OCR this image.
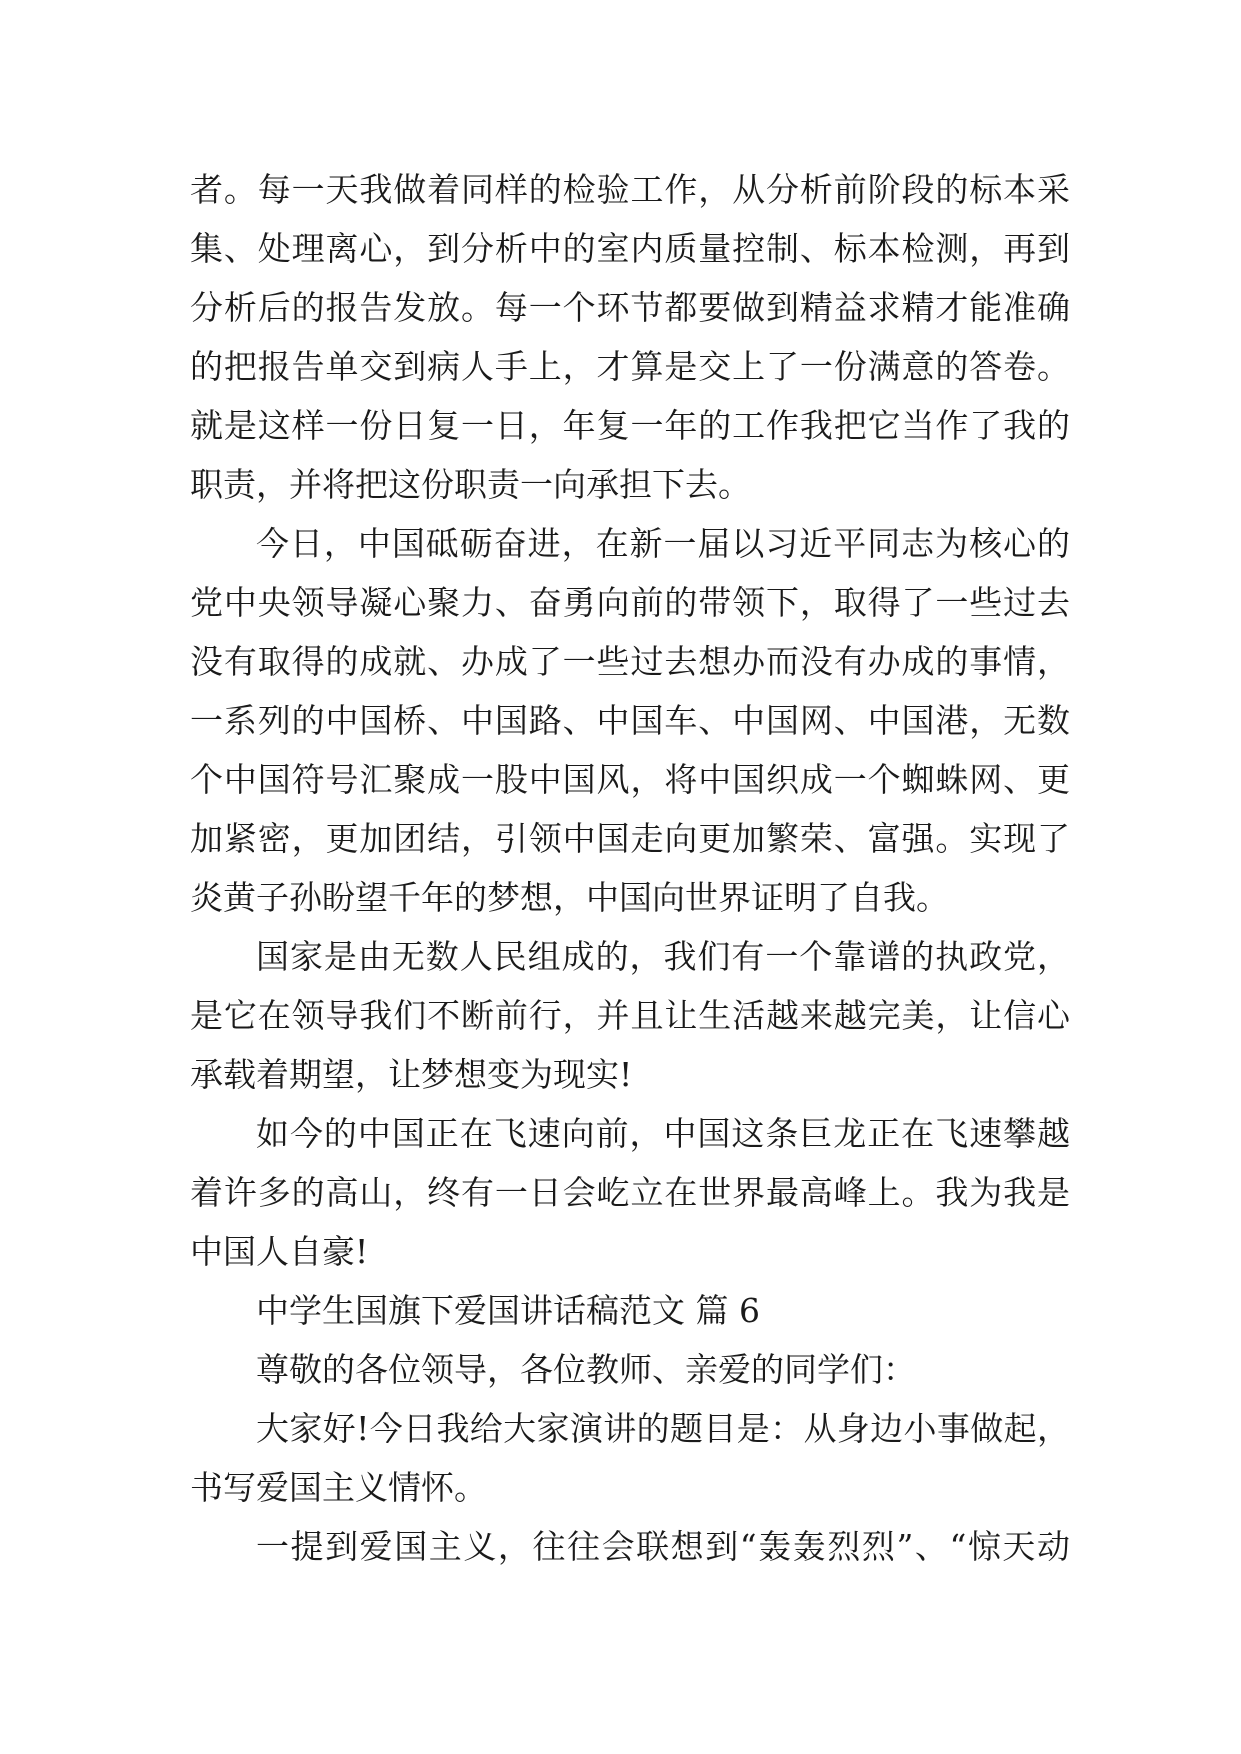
者。每一天我做着同样的检验工作，从分析前阶段的标本采
集、处理离心，到分析中的室内质量控制、标本检测，再到
分析后的报告发放。每一个环节都要做到精益求精才能准确
的把报告单交到病人手上，才算是交上了一份满意的答卷。
就是这样一份日复一日，年复一年的工作我把它当作了我的
职责，并将把这份职责一向承担下去。
今日，中国砥砺奋进，在新一届以习近平同志为核心的
党中央领导凝心聚力、奋勇向前的带领下，取得了一些过去
没有取得的成就、办成了一些过去想办而没有办成的事情，
一系列的中国桥、中国路、中国车、中国网、中国港，无数
个中国符号汇聚成一股中国风，将中国织成一个蜘蛛网、更
加紧密，更加团结，引领中国走向更加繁荣、富强。实现了
炎黄子孙盼望千年的梦想，中国向世界证明了自我。
国家是由无数人民组成的，我们有一个靠谱的执政党，
是它在领导我们不断前行，并且让生活越来越完美，让信心
承载着期望，让梦想变为现实!
如今的中国正在飞速向前，中国这条巨龙正在飞速攀越
着许多的高山，终有一日会屹立在世界最高峰上。我为我是
中国人自豪!
中学生国旗下爱国讲话稿范文 篇 6
尊敬的各位领导，各位教师、亲爱的同学们：
大家好!今日我给大家演讲的题目是：从身边小事做起，
书写爱国主义情怀。
一提到爱国主义，往往会联想到“轰轰烈烈”、“惊天动
